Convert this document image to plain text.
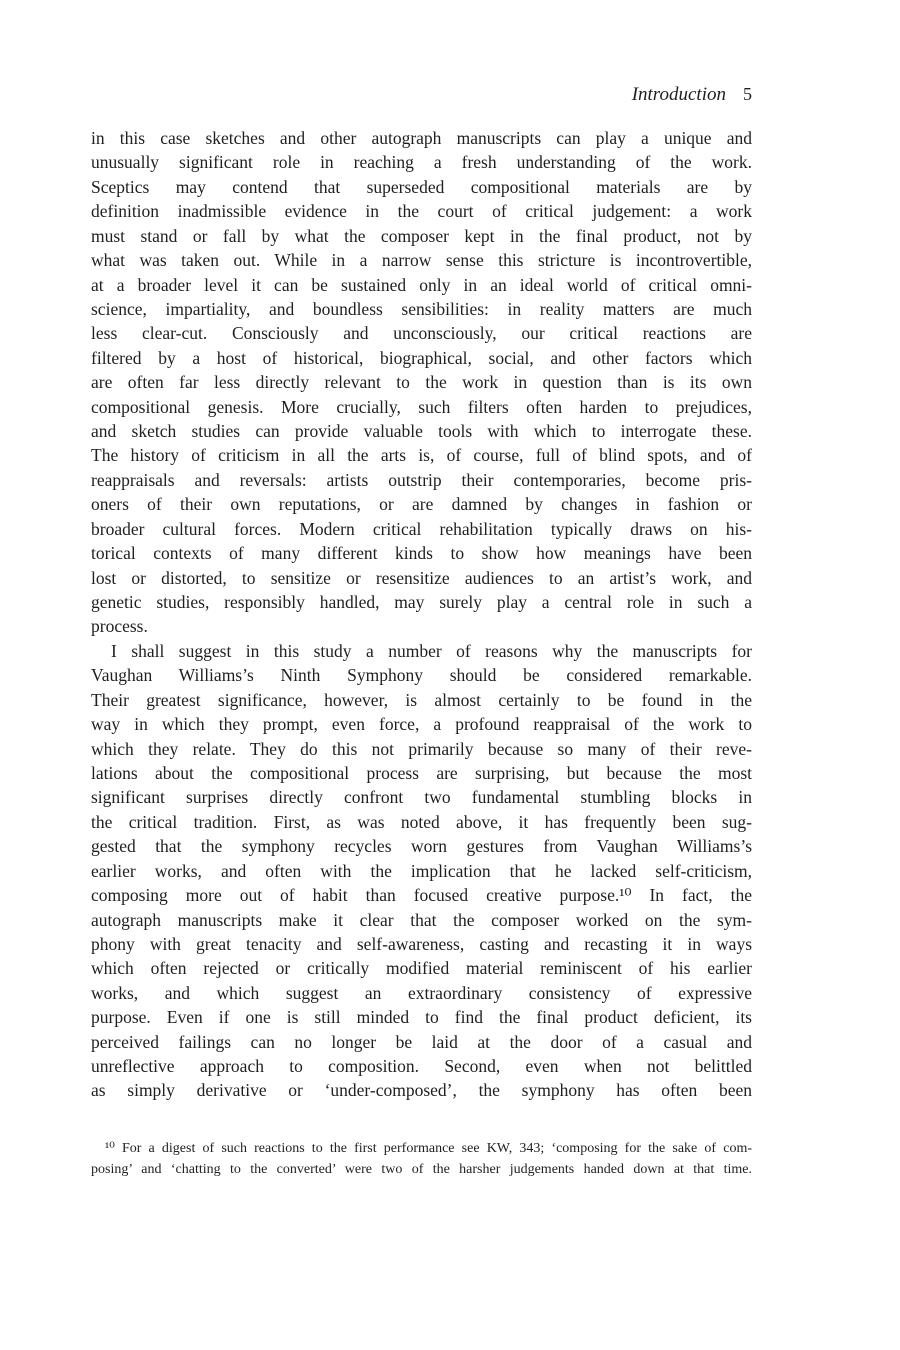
Introduction 5
in this case sketches and other autograph manuscripts can play a unique and
unusually significant role in reaching a fresh understanding of the work.
Sceptics may contend that superseded compositional materials are by
definition inadmissible evidence in the court of critical judgement: a work
must stand or fall by what the composer kept in the final product, not by
what was taken out. While in a narrow sense this stricture is incontrovertible,
at a broader level it can be sustained only in an ideal world of critical omni-
science, impartiality, and boundless sensibilities: in reality matters are much
less clear-cut. Consciously and unconsciously, our critical reactions are
filtered by a host of historical, biographical, social, and other factors which
are often far less directly relevant to the work in question than is its own
compositional genesis. More crucially, such filters often harden to prejudices,
and sketch studies can provide valuable tools with which to interrogate these.
The history of criticism in all the arts is, of course, full of blind spots, and of
reappraisals and reversals: artists outstrip their contemporaries, become pris-
oners of their own reputations, or are damned by changes in fashion or
broader cultural forces. Modern critical rehabilitation typically draws on his-
torical contexts of many different kinds to show how meanings have been
lost or distorted, to sensitize or resensitize audiences to an artist’s work, and
genetic studies, responsibly handled, may surely play a central role in such a
process.
I shall suggest in this study a number of reasons why the manuscripts for
Vaughan Williams’s Ninth Symphony should be considered remarkable.
Their greatest significance, however, is almost certainly to be found in the
way in which they prompt, even force, a profound reappraisal of the work to
which they relate. They do this not primarily because so many of their reve-
lations about the compositional process are surprising, but because the most
significant surprises directly confront two fundamental stumbling blocks in
the critical tradition. First, as was noted above, it has frequently been sug-
gested that the symphony recycles worn gestures from Vaughan Williams’s
earlier works, and often with the implication that he lacked self-criticism,
composing more out of habit than focused creative purpose.¹⁰ In fact, the
autograph manuscripts make it clear that the composer worked on the sym-
phony with great tenacity and self-awareness, casting and recasting it in ways
which often rejected or critically modified material reminiscent of his earlier
works, and which suggest an extraordinary consistency of expressive
purpose. Even if one is still minded to find the final product deficient, its
perceived failings can no longer be laid at the door of a casual and
unreflective approach to composition. Second, even when not belittled
as simply derivative or ‘under-composed’, the symphony has often been
¹⁰ For a digest of such reactions to the first performance see KW, 343; ‘composing for the sake of com-
posing’ and ‘chatting to the converted’ were two of the harsher judgements handed down at that time.
